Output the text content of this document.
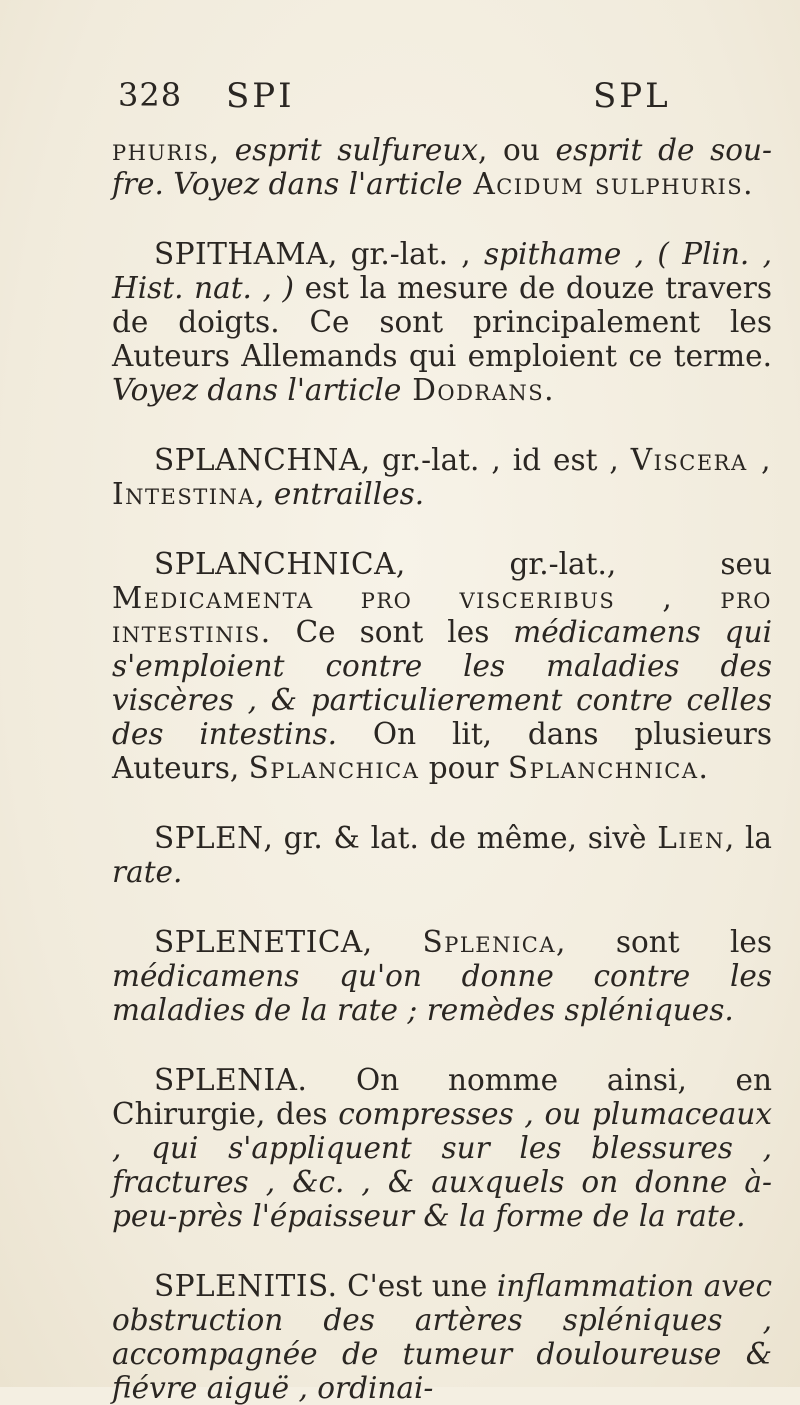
328 SPI	SPL

phuris, esprit sulfureux, ou esprit de sou-fre. Voyez dans l'article Acidum sulphuris.

SPITHAMA, gr.-lat. , spithame , ( Plin. , Hist. nat. , ) est la mesure de douze travers de doigts. Ce sont principalement les Auteurs Allemands qui emploient ce terme. Voyez dans l'article Dodrans.

SPLANCHNA, gr.-lat. , id est , Viscera , Intestina, entrailles.

SPLANCHNICA, gr.-lat., seu Medicamenta pro visceribus , pro intestinis. Ce sont les médicamens qui s'emploient contre les maladies des viscères , & particulierement contre celles des intestins. On lit, dans plusieurs Auteurs, Splanchica pour Splanchnica.

SPLEN, gr. & lat. de même, sivè Lien, la rate.

SPLENETICA, Splenica, sont les médicamens qu'on donne contre les maladies de la rate ; remèdes spléniques.

SPLENIA. On nomme ainsi, en Chirurgie, des compresses , ou plumaceaux , qui s'appliquent sur les blessures , fractures , &c. , & auxquels on donne à-peu-près l'épaisseur & la forme de la rate.

SPLENITIS. C'est une inflammation avec obstruction des artères spléniques , accompagnée de tumeur douloureuse & fiévre aiguë , ordinai-
